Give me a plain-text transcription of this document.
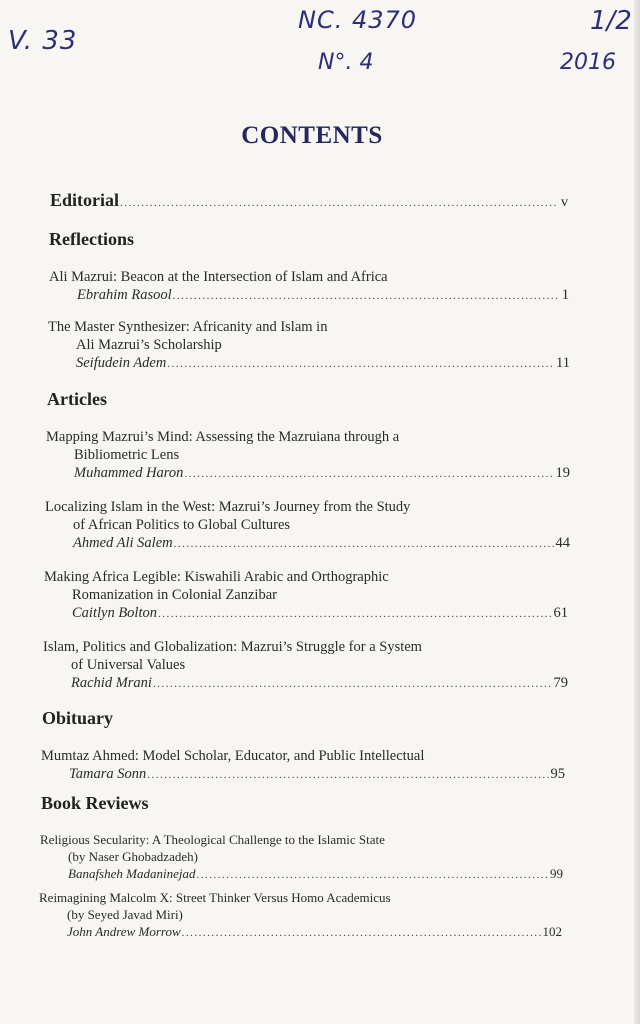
V. 33
NC. 4370
N°. 4
1/2
2016
CONTENTS
Editorial .....	v
Reflections
Ali Mazrui: Beacon at the Intersection of Islam and Africa
Ebrahim Rasool .....	1
The Master Synthesizer: Africanity and Islam in
Ali Mazrui’s Scholarship
Seifudein Adem .....	11
Articles
Mapping Mazrui’s Mind: Assessing the Mazruiana through a
Bibliometric Lens
Muhammed Haron .....	19
Localizing Islam in the West: Mazrui’s Journey from the Study
of African Politics to Global Cultures
Ahmed Ali Salem .....	44
Making Africa Legible: Kiswahili Arabic and Orthographic
Romanization in Colonial Zanzibar
Caitlyn Bolton .....	61
Islam, Politics and Globalization: Mazrui’s Struggle for a System
of Universal Values
Rachid Mrani .....	79
Obituary
Mumtaz Ahmed: Model Scholar, Educator, and Public Intellectual
Tamara Sonn .....	95
Book Reviews
Religious Secularity: A Theological Challenge to the Islamic State
(by Naser Ghobadzadeh)
Banafsheh Madaninejad .....	99
Reimagining Malcolm X: Street Thinker Versus Homo Academicus
(by Seyed Javad Miri)
John Andrew Morrow .....	102
